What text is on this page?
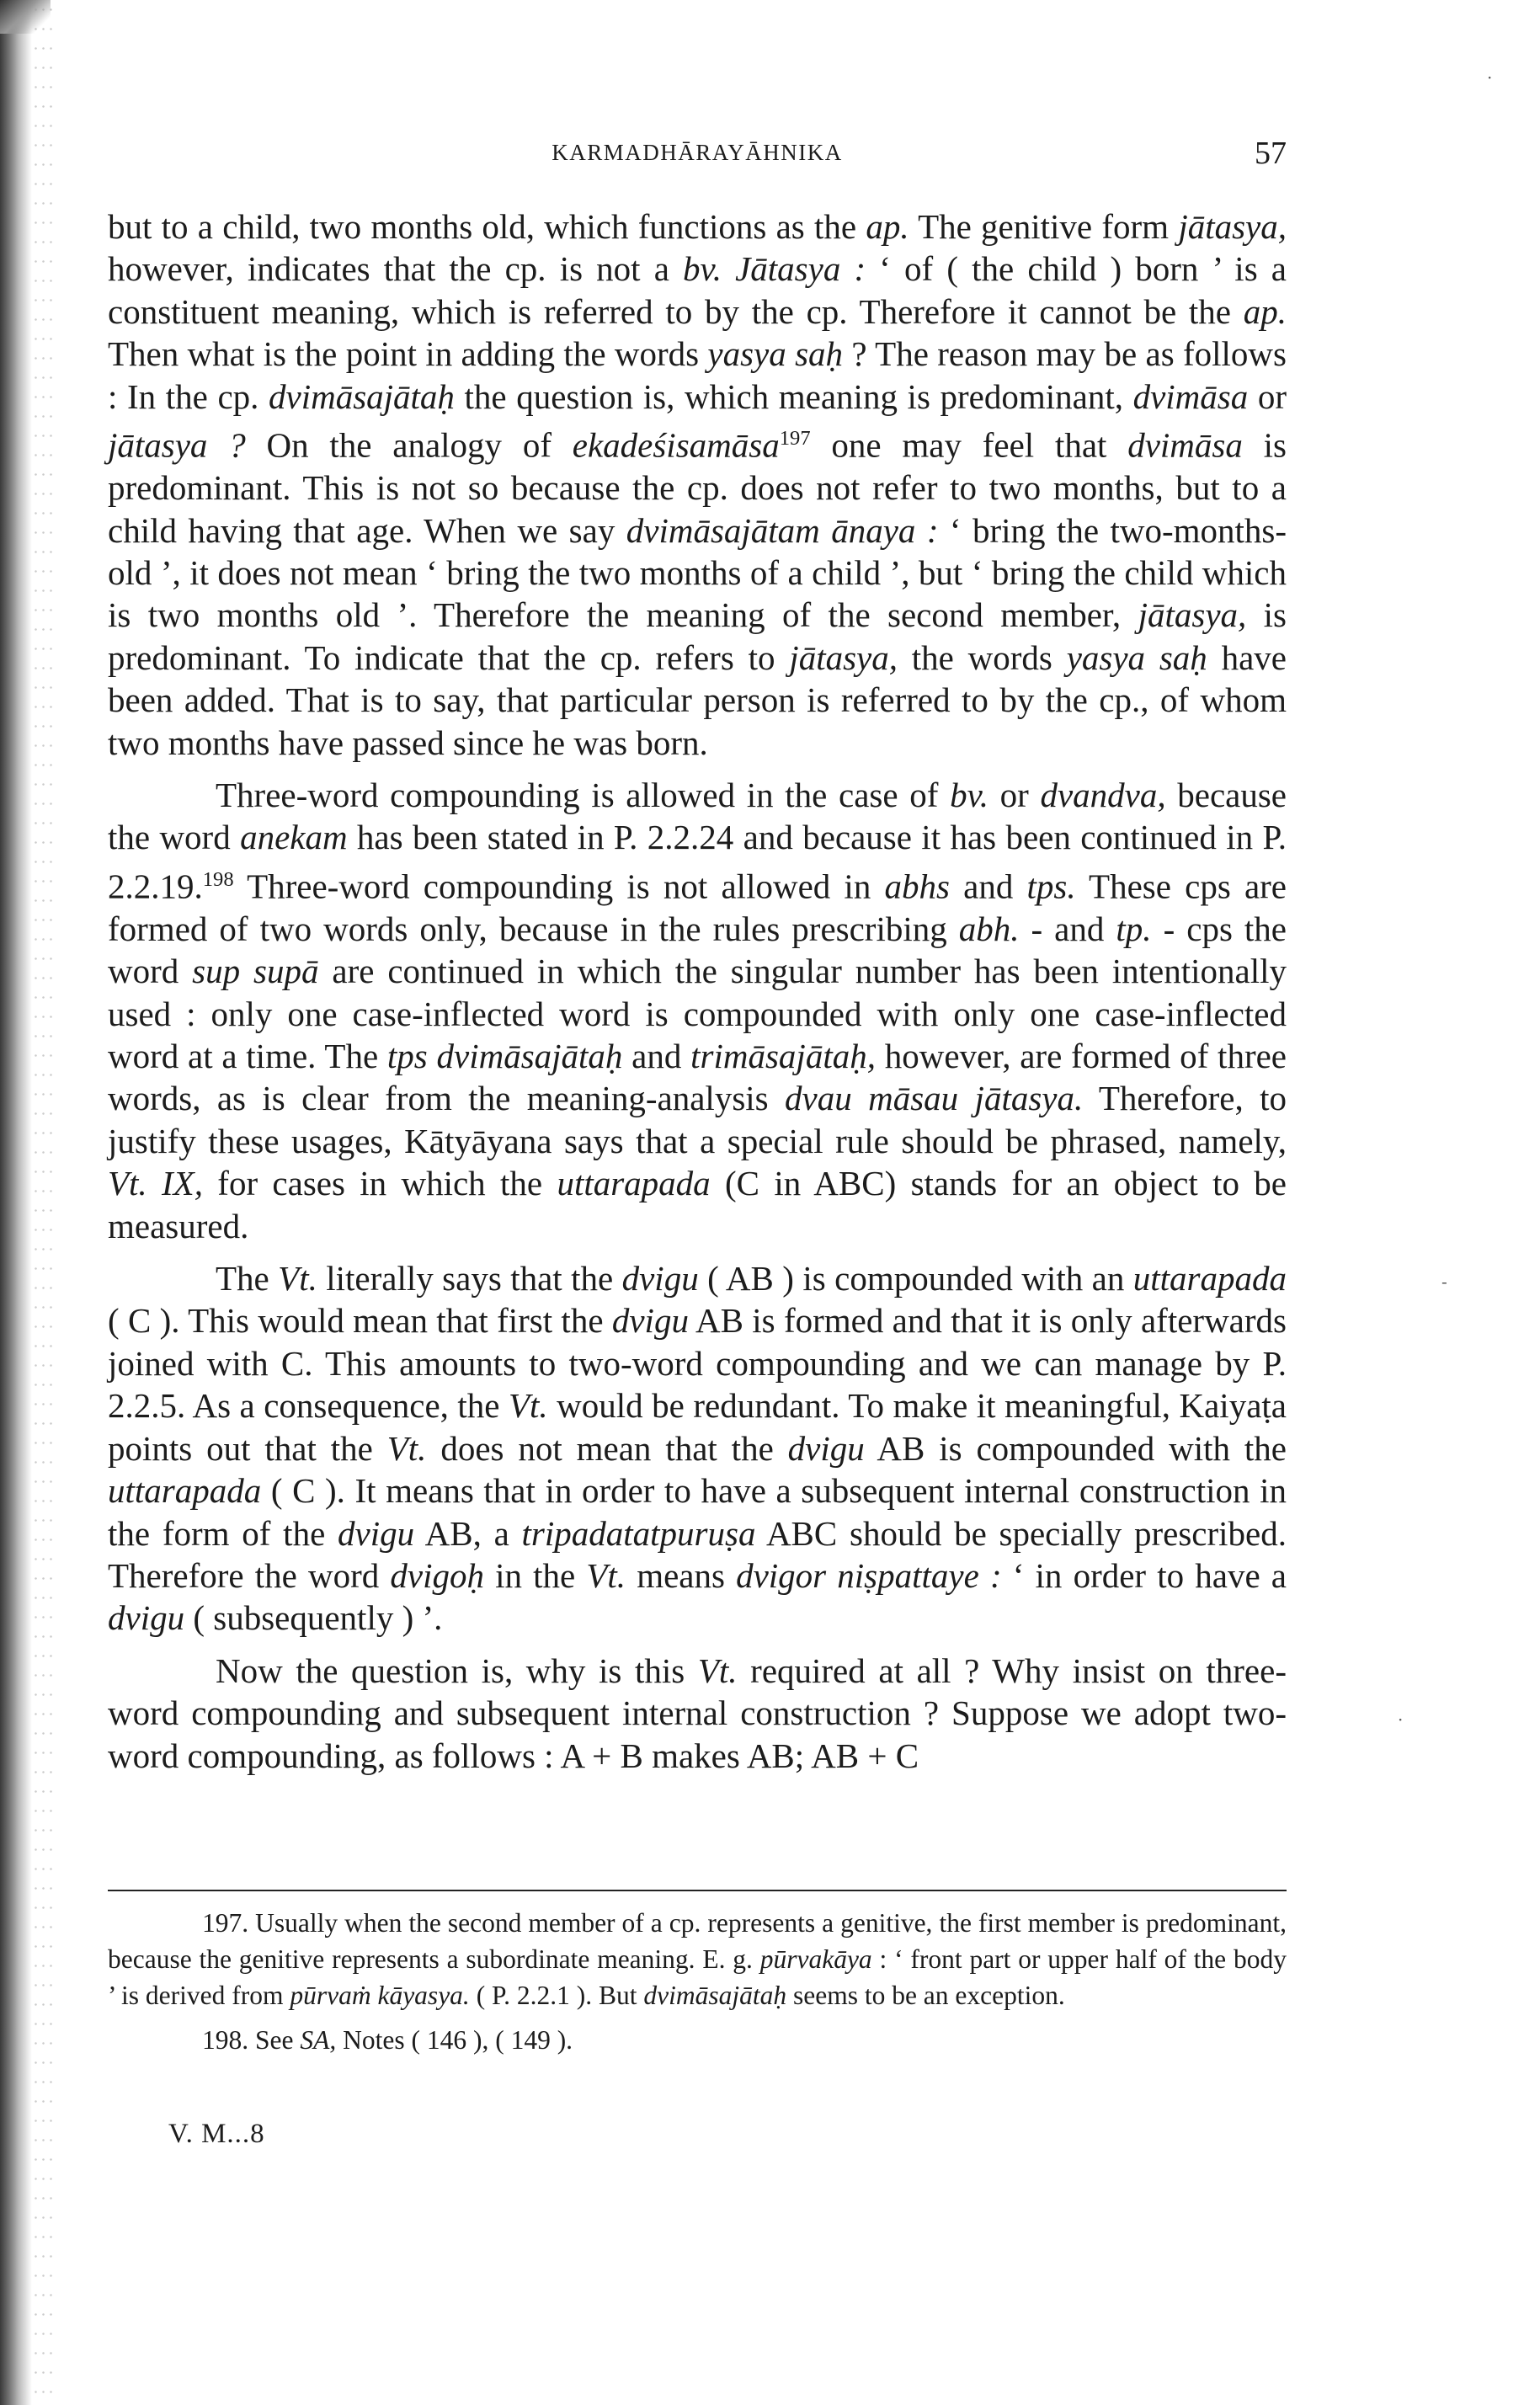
KARMADHĀRAYĀHNIKA	57

but to a child, two months old, which functions as the ap. The genitive form jātasya, however, indicates that the cp. is not a bv. Jātasya : ‘ of ( the child ) born ’ is a constituent meaning, which is referred to by the cp. Therefore it cannot be the ap. Then what is the point in adding the words yasya saḥ ? The reason may be as follows : In the cp. dvimāsajātaḥ the question is, which meaning is predominant, dvimāsa or jātasya ? On the analogy of ekadeśisamāsa$^{197}$ one may feel that dvimāsa is predominant. This is not so because the cp. does not refer to two months, but to a child having that age. When we say dvimāsajātam ānaya : ‘ bring the two-months-old ’, it does not mean ‘ bring the two months of a child ’, but ‘ bring the child which is two months old ’. Therefore the meaning of the second member, jātasya, is predominant. To indicate that the cp. refers to jātasya, the words yasya saḥ have been added. That is to say, that particular person is referred to by the cp., of whom two months have passed since he was born.

Three-word compounding is allowed in the case of bv. or dvandva, because the word anekam has been stated in P. 2.2.24 and because it has been continued in P. 2.2.19.$^{198}$ Three-word compounding is not allowed in abhs and tps. These cps are formed of two words only, because in the rules prescribing abh. - and tp. - cps the word sup supā are continued in which the singular number has been intentionally used : only one case-inflected word is compounded with only one case-inflected word at a time. The tps dvimāsajātaḥ and trimāsajātaḥ, however, are formed of three words, as is clear from the meaning-analysis dvau māsau jātasya. Therefore, to justify these usages, Kātyāyana says that a special rule should be phrased, namely, Vt. IX, for cases in which the uttarapada (C in ABC) stands for an object to be measured.

The Vt. literally says that the dvigu ( AB ) is compounded with an uttarapada ( C ). This would mean that first the dvigu AB is formed and that it is only afterwards joined with C. This amounts to two-word compounding and we can manage by P. 2.2.5. As a consequence, the Vt. would be redundant. To make it meaningful, Kaiyaṭa points out that the Vt. does not mean that the dvigu AB is compounded with the uttarapada ( C ). It means that in order to have a subsequent internal construction in the form of the dvigu AB, a tripadatatpuruṣa ABC should be specially prescribed. Therefore the word dvigoḥ in the Vt. means dvigor niṣpattaye : ‘ in order to have a dvigu ( subsequently ) ’.

Now the question is, why is this Vt. required at all ? Why insist on three-word compounding and subsequent internal construction ? Suppose we adopt two-word compounding, as follows : A + B makes AB; AB + C

197. Usually when the second member of a cp. represents a genitive, the first member is predominant, because the genitive represents a subordinate meaning. E. g. pūrvakāya : ‘ front part or upper half of the body ’ is derived from pūrvaṁ kāyasya. ( P. 2.2.1 ). But dvimāsajātaḥ seems to be an exception.

198. See SA, Notes ( 146 ), ( 149 ).

V. M...8
·
-
·
